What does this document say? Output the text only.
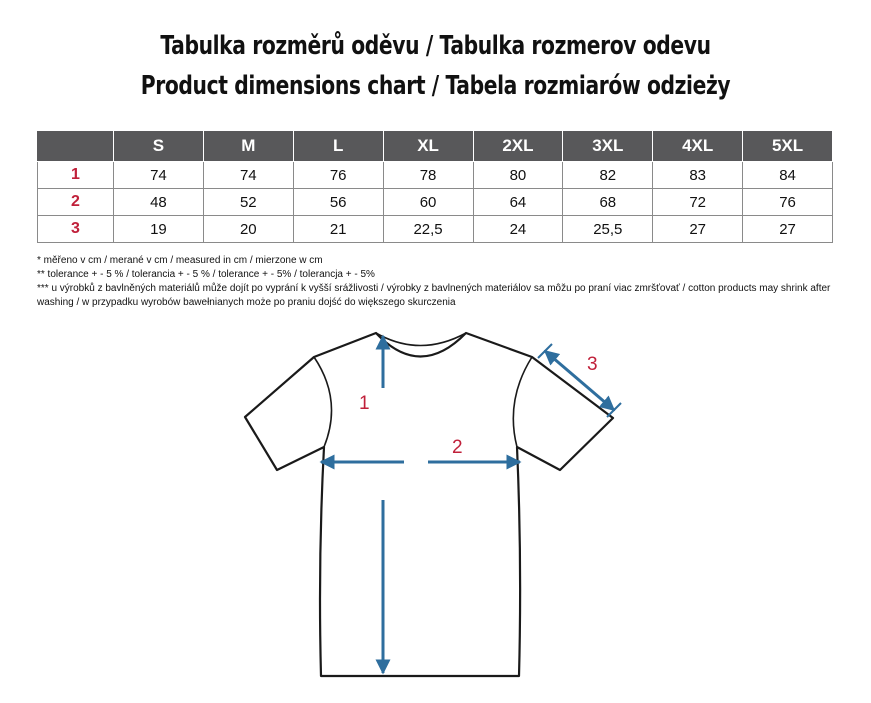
Tabulka rozměrů oděvu / Tabulka rozmerov odevu
Product dimensions chart / Tabela rozmiarów odzieży
	S	M	L	XL	2XL	3XL	4XL	5XL
1	74	74	76	78	80	82	83	84
2	48	52	56	60	64	68	72	76
3	19	20	21	22,5	24	25,5	27	27
* měřeno v cm / merané v cm / measured in cm / mierzone w cm
** tolerance + - 5 % / tolerancia + - 5 % / tolerance + - 5% / tolerancja + - 5%
*** u výrobků z bavlněných materiálů může dojít po vyprání k vyšší srážlivosti / výrobky z bavlnených materiálov sa môžu po praní viac zmršťovať / cotton products may shrink after washing / w przypadku wyrobów bawełnianych może po praniu dojść do większego skurczenia
1
2
3
